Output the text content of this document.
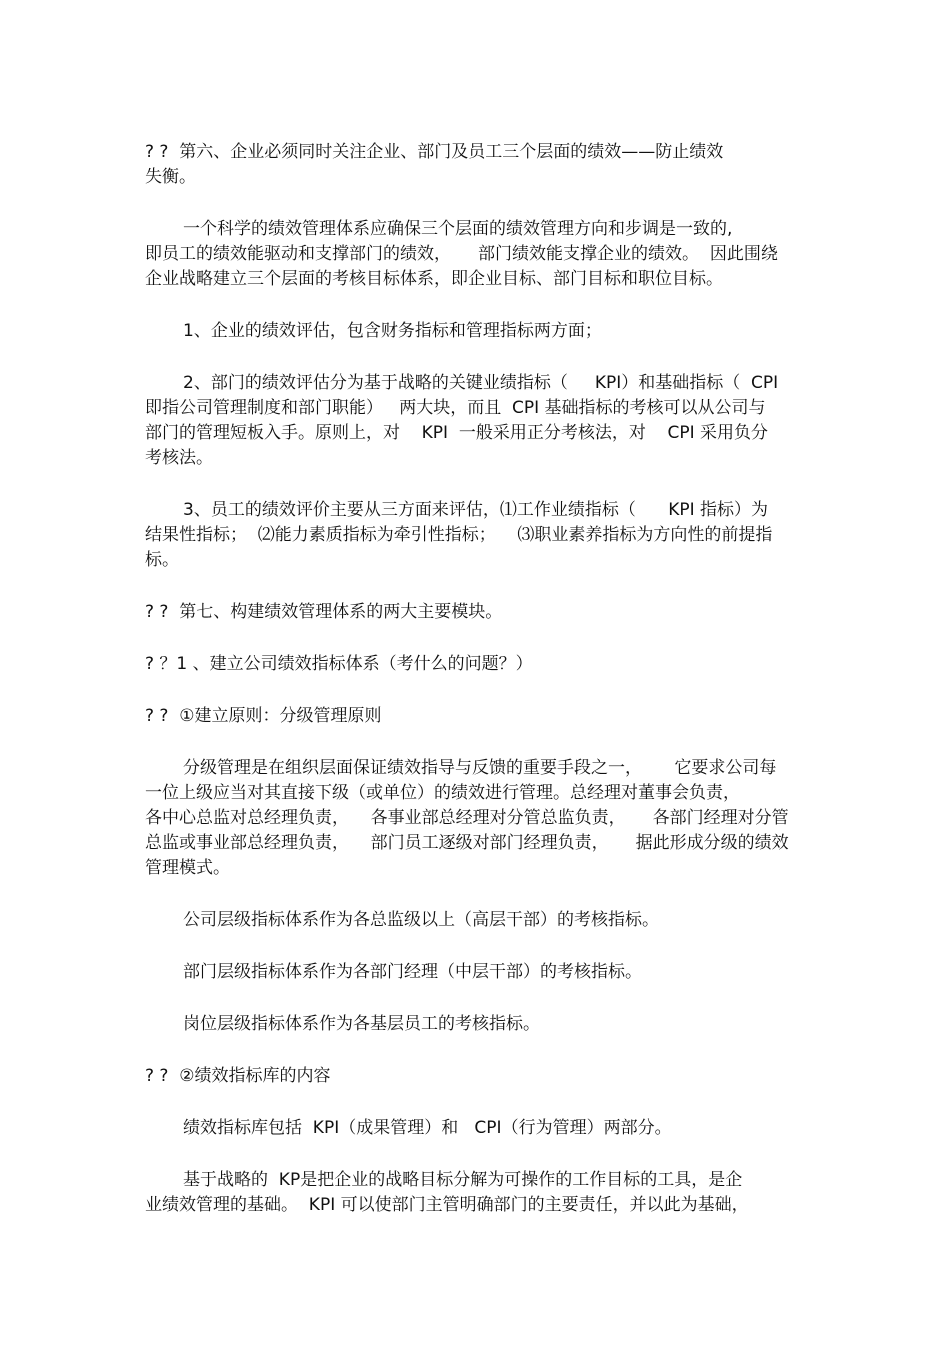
? ?  第六、企业必须同时关注企业、部门及员工三个层面的绩效——防止绩效
失衡。
一个科学的绩效管理体系应确保三个层面的绩效管理方向和步调是一致的,
即员工的绩效能驱动和支撑部门的绩效，     部门绩效能支撑企业的绩效。  因此围绕
企业战略建立三个层面的考核目标体系，即企业目标、部门目标和职位目标。
1、企业的绩效评估，包含财务指标和管理指标两方面；
2、部门的绩效评估分为基于战略的关键业绩指标（     KPI）和基础指标（  CPI
即指公司管理制度和部门职能）   两大块，而且  CPI 基础指标的考核可以从公司与
部门的管理短板入手。原则上，对    KPI  一般采用正分考核法，对    CPI 采用负分
考核法。
3、员工的绩效评价主要从三方面来评估，⑴工作业绩指标（      KPI 指标）为
结果性指标；  ⑵能力素质指标为牵引性指标；    ⑶职业素养指标为方向性的前提指
标。
? ?  第七、构建绩效管理体系的两大主要模块。
? ？1 、建立公司绩效指标体系（考什么的问题？）
? ?  ①建立原则：分级管理原则
分级管理是在组织层面保证绩效指导与反馈的重要手段之一，      它要求公司每
一位上级应当对其直接下级（或单位）的绩效进行管理。总经理对董事会负责，
各中心总监对总经理负责，    各事业部总经理对分管总监负责，     各部门经理对分管
总监或事业部总经理负责，    部门员工逐级对部门经理负责，     据此形成分级的绩效
管理模式。
公司层级指标体系作为各总监级以上（高层干部）的考核指标。
部门层级指标体系作为各部门经理（中层干部）的考核指标。
岗位层级指标体系作为各基层员工的考核指标。
? ?  ②绩效指标库的内容
绩效指标库包括  KPI（成果管理）和   CPI（行为管理）两部分。
基于战略的  KP是把企业的战略目标分解为可操作的工作目标的工具，是企
业绩效管理的基础。  KPI 可以使部门主管明确部门的主要责任，并以此为基础，
